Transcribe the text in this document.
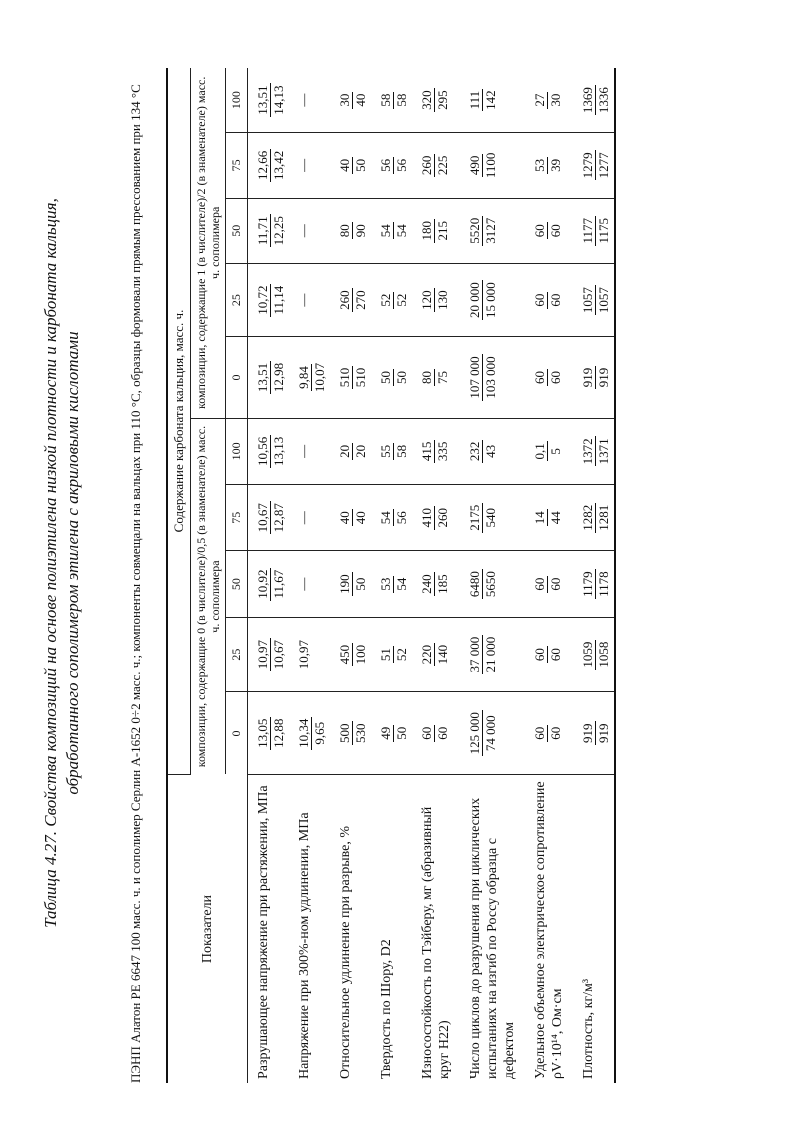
Таблица 4.27. Свойства композиций на основе полиэтилена низкой плотности и карбоната кальция, обработанного сополимером этилена с акриловыми кислотами	ПЭНП Алатон РЕ 6647 100 масс. ч. и сополимер Серлин А-1652 0÷2 масс. ч.; компоненты совмещали на вальцах при 110 °С, образцы формовали прямым прессованием при 134 °С	Показатели	Содержание карбоната кальция, масс. ч.									
	композиции, содержащие 0 (в числителе)/0,5 (в знаменателе) масс. ч. сополимера					композиции, содержащие 1 (в числителе)/2 (в знаменателе) масс. ч. сополимера				
	0	25	50	75	100	0	25	50	75	100
Разрушающее напряжение при растяжении, МПа	13,05 12,88	10,97 10,67	10,92 11,67	10,67 12,87	10,56 13,13	13,51 12,98	10,72 11,14	11,71 12,25	12,66 13,42	13,51 14,13

Напряжение при 300%-ном удлинении, МПа	10,34 9,65	10,97	—	—	—	9,84 10,07	—	—	—	—
Относительное удлинение при разрыве, %	500 530	450 100	190 50	40 40	20 20	510 510	260 270	80 90	40 50	30 40

Твердость по Шору, D2	49 50	51 52	53 54	54 56	55 58	50 50	52 52	54 54	56 56	58 58

Износостойкость по Тэйберу, мг (абразивный круг Н22)	60 60	220 140	240 185	410 260	415 335	80 75	120 130	180 215	260 225	320 295

Число циклов до разрушения при циклических испытаниях на изгиб по Россу образца с дефектом	125 000 74 000	37 000 21 000	6480 5650	2175 540	232 43	107 000 103 000	20 000 15 000	5520 3127	490 1100	111 142

Удельное объемное электрическое сопротивление ρV·10¹⁴, Ом·см	60 60	60 60	60 60	14 44	0,1 5	60 60	60 60	60 60	53 39	27 30

Плотность, кг/м³	919 919	1059 1058	1179 1178	1282 1281	1372 1371	919 919	1057 1057	1177 1175	1279 1277	1369 1336
